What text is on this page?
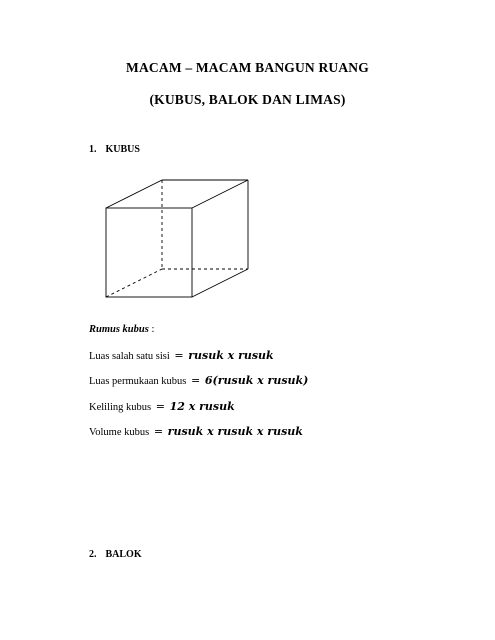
MACAM – MACAM BANGUN RUANG
(KUBUS, BALOK DAN LIMAS)
1. KUBUS
Rumus kubus :
Luas salah satu sisi = rusuk x rusuk
Luas permukaan kubus = 6(rusuk x rusuk)
Keliling kubus = 12 x rusuk
Volume kubus = rusuk x rusuk x rusuk
2. BALOK
